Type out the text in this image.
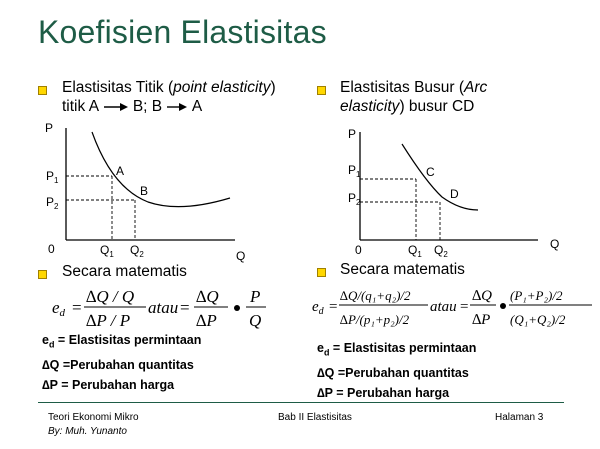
Koefisien Elastisitas
Elastisitas Titik (point elasticity) titik A B; B A
Elastisitas Busur (Arc elasticity) busur CD
P
Q
0
$P_1$
$P_2$
$Q_1$ $Q_2$
A
B
P
Q
0
$P_1$
$P_2$
$Q_1$ $Q_2$
C
D
Secara matematis	Secara matematis
ed =
∆Q / Q
∆P / P
atau =
∆Q
∆P
P
Q
$e_d$ =
∆Q/(q₁+q₂)/2
∆P/(p₁+p₂)/2
atau =
∆Q
∆P
(P₁+P₂)/2
(Q₁+Q₂)/2
$e_d$ = Elastisitas permintaan
∆Q =Perubahan quantitas
∆P = Perubahan harga
$e_d$ = Elastisitas permintaan
∆Q =Perubahan quantitas
∆P = Perubahan harga
Teori Ekonomi Mikro
By: Muh. Yunanto
Bab II Elastisitas	Halaman 3
